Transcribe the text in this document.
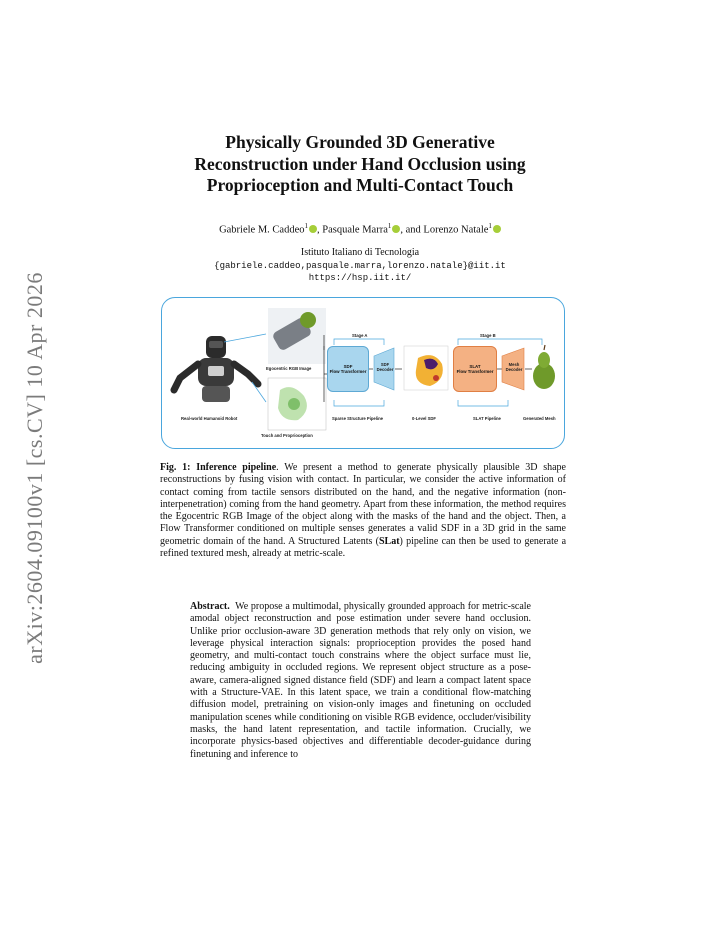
arXiv:2604.09100v1 [cs.CV] 10 Apr 2026
Physically Grounded 3D Generative
Reconstruction under Hand Occlusion using
Proprioception and Multi-Contact Touch
Gabriele M. Caddeo$^1$ , Pasquale Marra$^1$ , and Lorenzo Natale$^1$
Istituto Italiano di Tecnologia
{gabriele.caddeo,pasquale.marra,lorenzo.natale}@iit.it
https://hsp.iit.it/
SDF
Flow Transformer
SDF
Decoder
SLAT
Flow Transformer
Mesh
Decoder
Stage A	Stage B
Egocentric RGB Image
Real-world Humanoid Robot	Sparse Structure Pipeline	0-Level SDF	SLAT Pipeline	Generated Mesh
Touch and Proprioception
Fig. 1: Inference pipeline. We present a method to generate physically plausible 3D shape reconstructions by fusing vision with contact. In particular, we consider the active information of contact coming from tactile sensors distributed on the hand, and the negative information (non-interpenetration) coming from the hand geometry. Apart from these information, the method requires the Egocentric RGB Image of the object along with the masks of the hand and the object. Then, a Flow Transformer conditioned on multiple senses generates a valid SDF in a 3D grid in the same geometric domain of the hand. A Structured Latents (SLat) pipeline can then be used to generate a refined textured mesh, already at metric-scale.
Abstract. We propose a multimodal, physically grounded approach for metric-scale amodal object reconstruction and pose estimation under severe hand occlusion. Unlike prior occlusion-aware 3D generation methods that rely only on vision, we leverage physical interaction signals: proprioception provides the posed hand geometry, and multi-contact touch constrains where the object surface must lie, reducing ambiguity in occluded regions. We represent object structure as a pose-aware, camera-aligned signed distance field (SDF) and learn a compact latent space with a Structure-VAE. In this latent space, we train a conditional flow-matching diffusion model, pretraining on vision-only images and finetuning on occluded manipulation scenes while conditioning on visible RGB evidence, occluder/visibility masks, the hand latent representation, and tactile information. Crucially, we incorporate physics-based objectives and differentiable decoder-guidance during finetuning and inference to
